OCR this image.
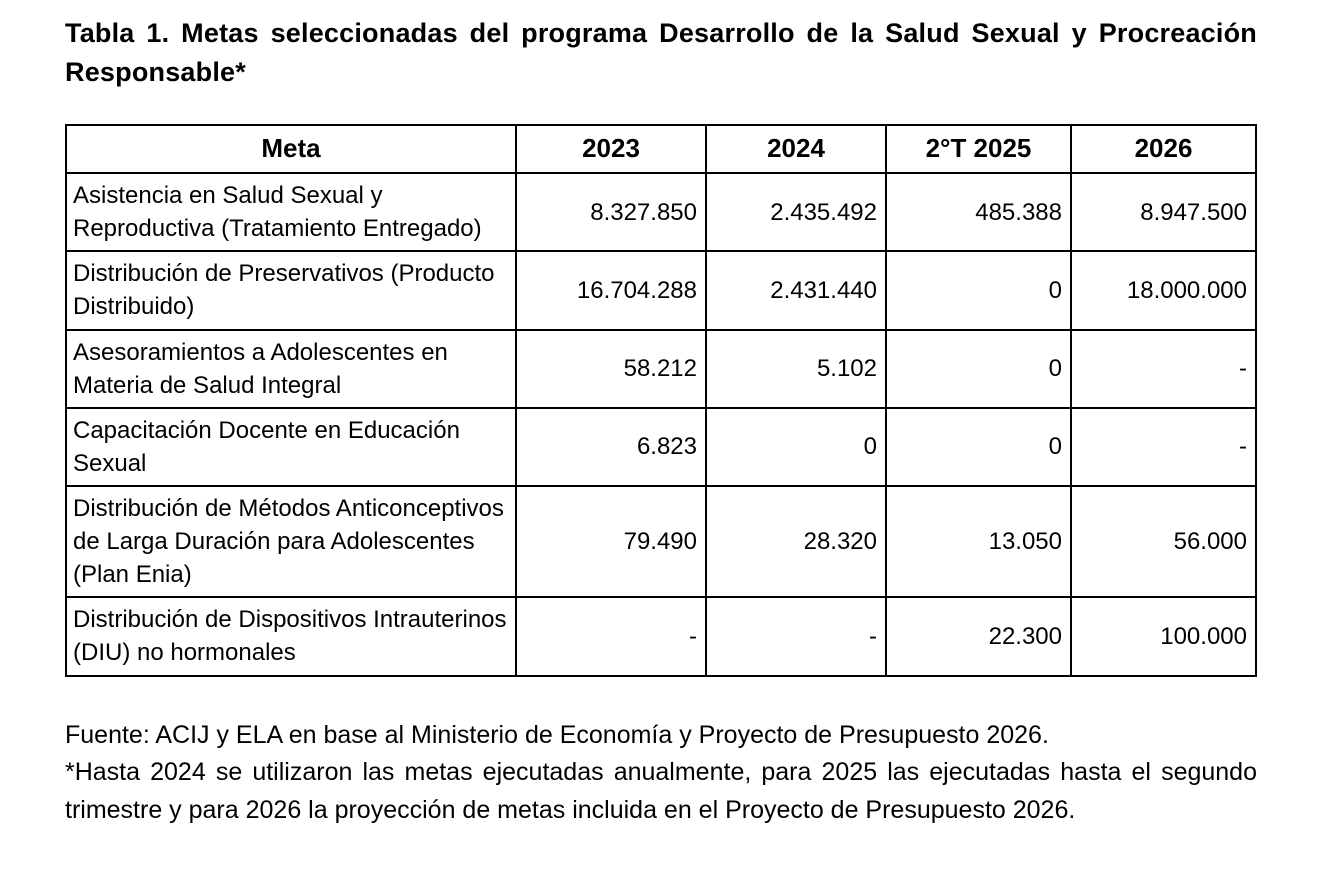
Tabla 1. Metas seleccionadas del programa Desarrollo de la Salud Sexual y Procreación Responsable*

Meta	2023	2024	2°T 2025	2026
Asistencia en Salud Sexual y Reproductiva (Tratamiento Entregado)	8.327.850	2.435.492	485.388	8.947.500
Distribución de Preservativos (Producto Distribuido)	16.704.288	2.431.440	0	18.000.000
Asesoramientos a Adolescentes en Materia de Salud Integral	58.212	5.102	0	-
Capacitación Docente en Educación Sexual	6.823	0	0	-
Distribución de Métodos Anticonceptivos de Larga Duración para Adolescentes (Plan Enia)	79.490	28.320	13.050	56.000
Distribución de Dispositivos Intrauterinos (DIU) no hormonales	-	-	22.300	100.000

Fuente: ACIJ y ELA en base al Ministerio de Economía y Proyecto de Presupuesto 2026.

*Hasta 2024 se utilizaron las metas ejecutadas anualmente, para 2025 las ejecutadas hasta el segundo trimestre y para 2026 la proyección de metas incluida en el Proyecto de Presupuesto 2026.
